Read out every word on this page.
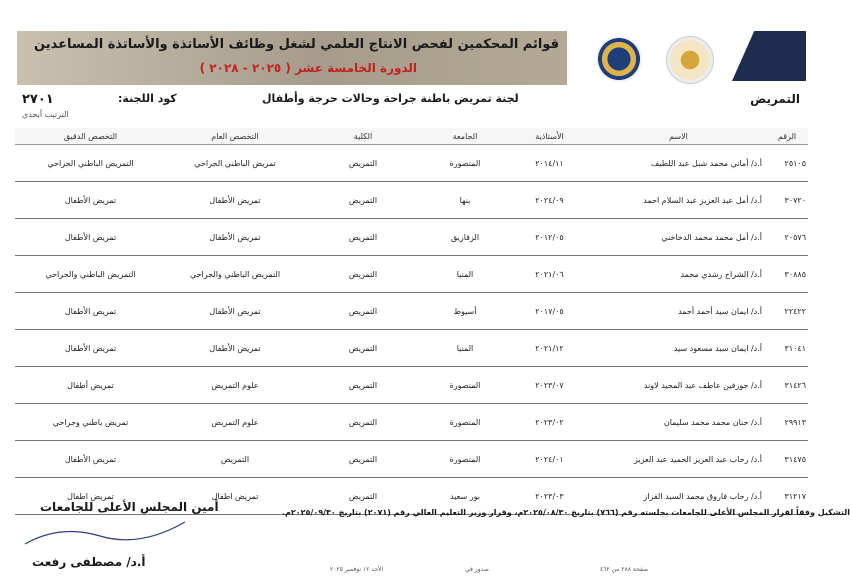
قوائم المحكمين لفحص الانتاج العلمي لشغل وظائف الأساتذة والأساتذة المساعدين
الدورة الخامسة عشر ( ٢٠٢٥ - ٢٠٢٨ )
التمريض
لجنة تمريض باطنة جراحة وحالات حرجة وأطفال
كود اللجنة:
٢٧٠١
الترتيب أبجدي
الرقم	الاسم	الأستاذية	الجامعة	الكلية	التخصص العام	التخصص الدقيق
٢٥١٠٥	أ.د/ أماني محمد شبل عبد اللطيف	٢٠١٤/١١	المنصورة	التمريض	تمريض الباطني الجراحي	التمريض الباطني الجراحي
٣٠٧٢٠	أ.د/ أمل عبد العزيز عبد السلام احمد	٢٠٢٤/٠٩	بنها	التمريض	تمريض الأطفال	تمريض الأطفال
٢٠٥٧٦	أ.د/ أمل محمد محمد الدخاخني	٢٠١٢/٠٥	الزقازيق	التمريض	تمريض الأطفال	تمريض الأطفال
٣٠٨٨٥	أ.د/ الشراح رشدي محمد	٢٠٢١/٠٦	المنيا	التمريض	التمريض الباطني والجراحي	التمريض الباطني والجراحي
٢٢٤٢٢	أ.د/ ايمان سيد أحمد أحمد	٢٠١٧/٠٥	أسيوط	التمريض	تمريض الأطفال	تمريض الأطفال
٣١٠٤١	أ.د/ ايمان سيد مسعود سيد	٢٠٢١/١٢	المنيا	التمريض	تمريض الأطفال	تمريض الأطفال
٣١٤٢٦	أ.د/ جوزفين عاطف عبد المجيد لاوند	٢٠٢٣/٠٧	المنصورة	التمريض	علوم التمريض	تمريض أطفال
٢٩٩١٣	أ.د/ حنان محمد محمد سليمان	٢٠٢٣/٠٢	المنصورة	التمريض	علوم التمريض	تمريض باطني وجراحي
٣١٤٧٥	أ.د/ رحاب عبد العزيز الحميد عبد العزيز	٢٠٢٤/٠١	المنصورة	التمريض	التمريض	تمريض الأطفال
٣١٢١٧	أ.د/ رحاب فاروق محمد السيد القزاز	٢٠٢٣/٠٣	بور سعيد	التمريض	تمريض اطفال	تمريض اطفال
أمين المجلس الأعلى للجامعات
أ.د/ مصطفى رفعت
التشكيل وفقاً لقرار المجلس الأعلى للجامعات بجلسته رقم (٧٦٦) بتاريخ ٢٠٢٥/٠٨/٣٠م، وقرار وزير التعليم العالي رقم (٢٠٧١) بتاريخ ٢٠٢٥/٠٩/٣٠م.
الأحد ١٢ نوفمبر ٢٠٢٥	صدور في	صفحة ٢٨٨ من ٤٦٢
